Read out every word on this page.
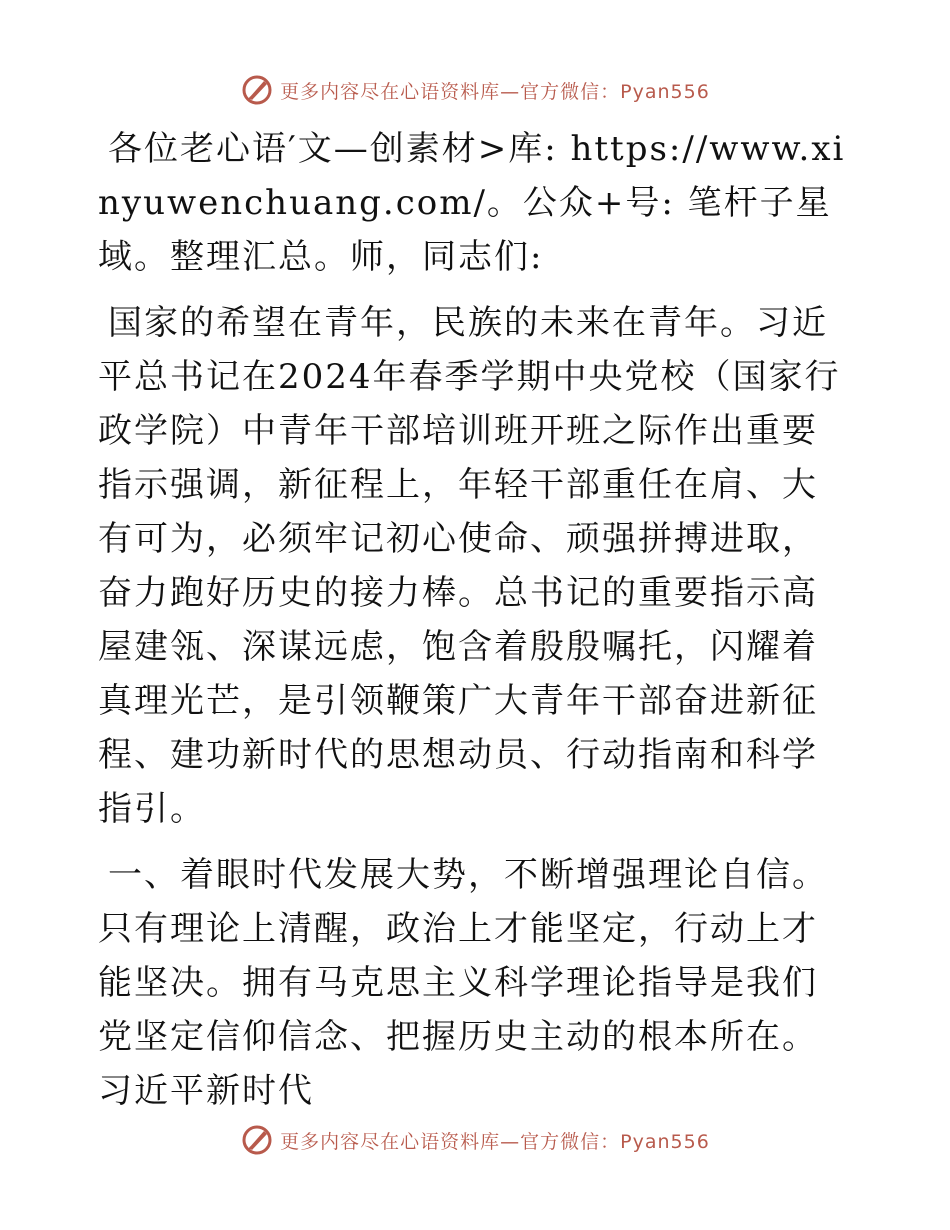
更多内容尽在心语资料库—官方微信：Pyan556

各位老心语′文—创素材>库: https://www.xinyuwenchuang.com/。公众+号: 笔杆子星域。整理汇总。师，同志们:

国家的希望在青年，民族的未来在青年。习近平总书记在2024年春季学期中央党校（国家行政学院）中青年干部培训班开班之际作出重要指示强调，新征程上，年轻干部重任在肩、大有可为，必须牢记初心使命、顽强拼搏进取，奋力跑好历史的接力棒。总书记的重要指示高屋建瓴、深谋远虑，饱含着殷殷嘱托，闪耀着真理光芒，是引领鞭策广大青年干部奋进新征程、建功新时代的思想动员、行动指南和科学指引。

一、着眼时代发展大势，不断增强理论自信。只有理论上清醒，政治上才能坚定，行动上才能坚决。拥有马克思主义科学理论指导是我们党坚定信仰信念、把握历史主动的根本所在。习近平新时代

更多内容尽在心语资料库—官方微信：Pyan556
